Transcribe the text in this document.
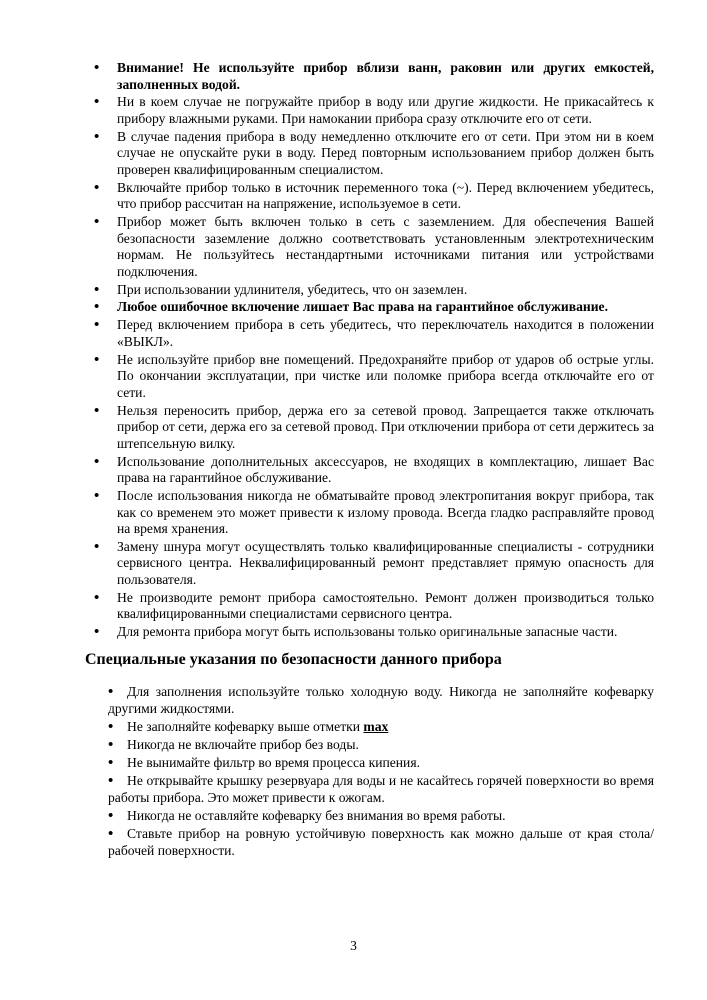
• Внимание! Не используйте прибор вблизи ванн, раковин или других емкостей, заполненных водой.
• Ни в коем случае не погружайте прибор в воду или другие жидкости. Не прикасайтесь к прибору влажными руками. При намокании прибора сразу отключите его от сети.
• В случае падения прибора в воду немедленно отключите его от сети. При этом ни в коем случае не опускайте руки в воду. Перед повторным использованием прибор должен быть проверен квалифицированным специалистом.
• Включайте прибор только в источник переменного тока (~). Перед включением убедитесь, что прибор рассчитан на напряжение, используемое в сети.
• Прибор может быть включен только в сеть с заземлением. Для обеспечения Вашей безопасности заземление должно соответствовать установленным электротехническим нормам. Не пользуйтесь нестандартными источниками питания или устройствами подключения.
• При использовании удлинителя, убедитесь, что он заземлен.
• Любое ошибочное включение лишает Вас права на гарантийное обслуживание.
• Перед включением прибора в сеть убедитесь, что переключатель находится в положении «ВЫКЛ».
• Не используйте прибор вне помещений. Предохраняйте прибор от ударов об острые углы. По окончании эксплуатации, при чистке или поломке прибора всегда отключайте его от сети.
• Нельзя переносить прибор, держа его за сетевой провод. Запрещается также отключать прибор от сети, держа его за сетевой провод. При отключении прибора от сети держитесь за штепсельную вилку.
• Использование дополнительных аксессуаров, не входящих в комплектацию, лишает Вас права на гарантийное обслуживание.
• После использования никогда не обматывайте провод электропитания вокруг прибора, так как со временем это может привести к излому провода. Всегда гладко расправляйте провод на время хранения.
• Замену шнура могут осуществлять только квалифицированные специалисты - сотрудники сервисного центра. Неквалифицированный ремонт представляет прямую опасность для пользователя.
• Не производите ремонт прибора самостоятельно. Ремонт должен производиться только квалифицированными специалистами сервисного центра.
• Для ремонта прибора могут быть использованы только оригинальные запасные части.
Специальные указания по безопасности данного прибора
• Для заполнения используйте только холодную воду. Никогда не заполняйте кофеварку другими жидкостями.
• Не заполняйте кофеварку выше отметки max
• Никогда не включайте прибор без воды.
• Не вынимайте фильтр во время процесса кипения.
• Не открывайте крышку резервуара для воды и не касайтесь горячей поверхности во время работы прибора. Это может привести к ожогам.
• Никогда не оставляйте кофеварку без внимания во время работы.
• Ставьте прибор на ровную устойчивую поверхность как можно дальше от края стола/рабочей поверхности.
3
